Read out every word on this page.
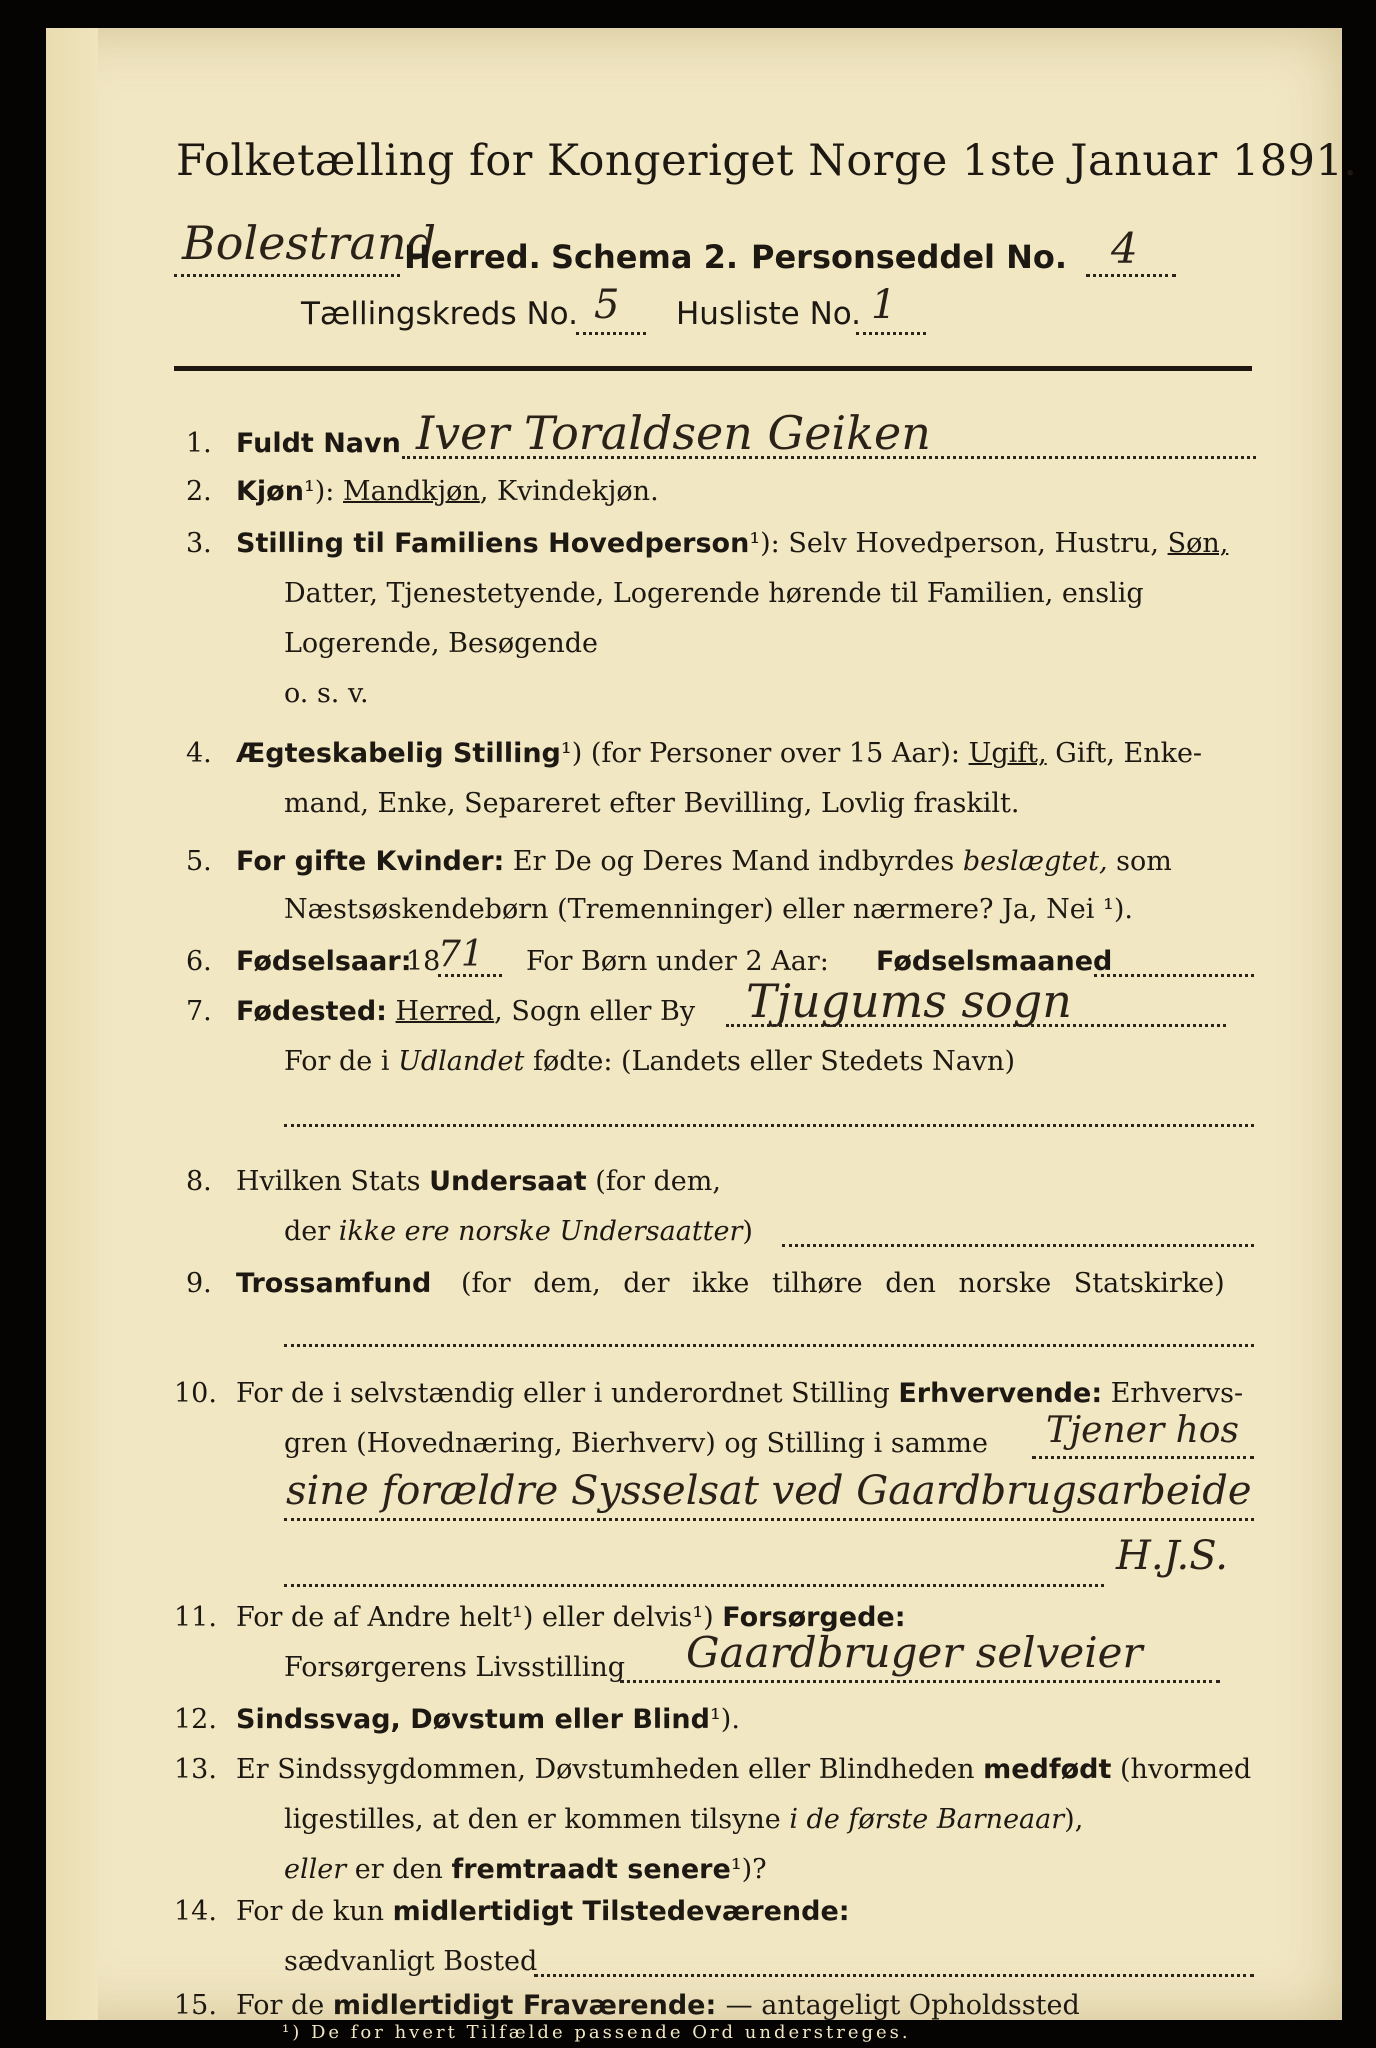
Folketælling for Kongeriget Norge 1ste Januar 1891.
Bolestrand
Herred. Schema 2. Personseddel No. 4
Tællingskreds No. 5 Husliste No. 1
1. Fuldt Navn Iver Toraldsen Geiken
2. Kjøn¹): Mandkjøn, Kvindekjøn.
3. Stilling til Familiens Hovedperson¹): Selv Hovedperson, Hustru, Søn,
Datter, Tjenestetyende, Logerende hørende til Familien, enslig
Logerende, Besøgende
o. s. v.
4. Ægteskabelig Stilling¹) (for Personer over 15 Aar): Ugift, Gift, Enke-
mand, Enke, Separeret efter Bevilling, Lovlig fraskilt.
5. For gifte Kvinder: Er De og Deres Mand indbyrdes beslægtet, som
Næstsøskendebørn (Tremenninger) eller nærmere? Ja, Nei ¹).
6. Fødselsaar:
18
71 For Børn under 2 Aar: Fødselsmaaned
7. Fødested: Herred, Sogn eller By Tjugums sogn
For de i Udlandet fødte: (Landets eller Stedets Navn)
8. Hvilken Stats Undersaat (for dem,
der ikke ere norske Undersaatter)
9. Trossamfund (for dem, der ikke tilhøre den norske Statskirke)
10. For de i selvstændig eller i underordnet Stilling Erhvervende: Erhvervs-
gren (Hovednæring, Bierhverv) og Stilling i samme Tjener hos
sine forældre Sysselsat ved Gaardbrugsarbeide
H.J.S.
11. For de af Andre helt¹) eller delvis¹) Forsørgede:
Forsørgerens Livsstilling Gaardbruger selveier
12. Sindssvag, Døvstum eller Blind¹).
13. Er Sindssygdommen, Døvstumheden eller Blindheden medfødt (hvormed
ligestilles, at den er kommen tilsyne i de første Barneaar),
eller er den fremtraadt senere¹)?
14.
sædvanligt Bosted
15.
For de kun midlertidigt Tilstedeværende:
For de midlertidigt Fraværende: — antageligt Opholdssted
¹) De for hvert Tilfælde passende Ord understreges.
